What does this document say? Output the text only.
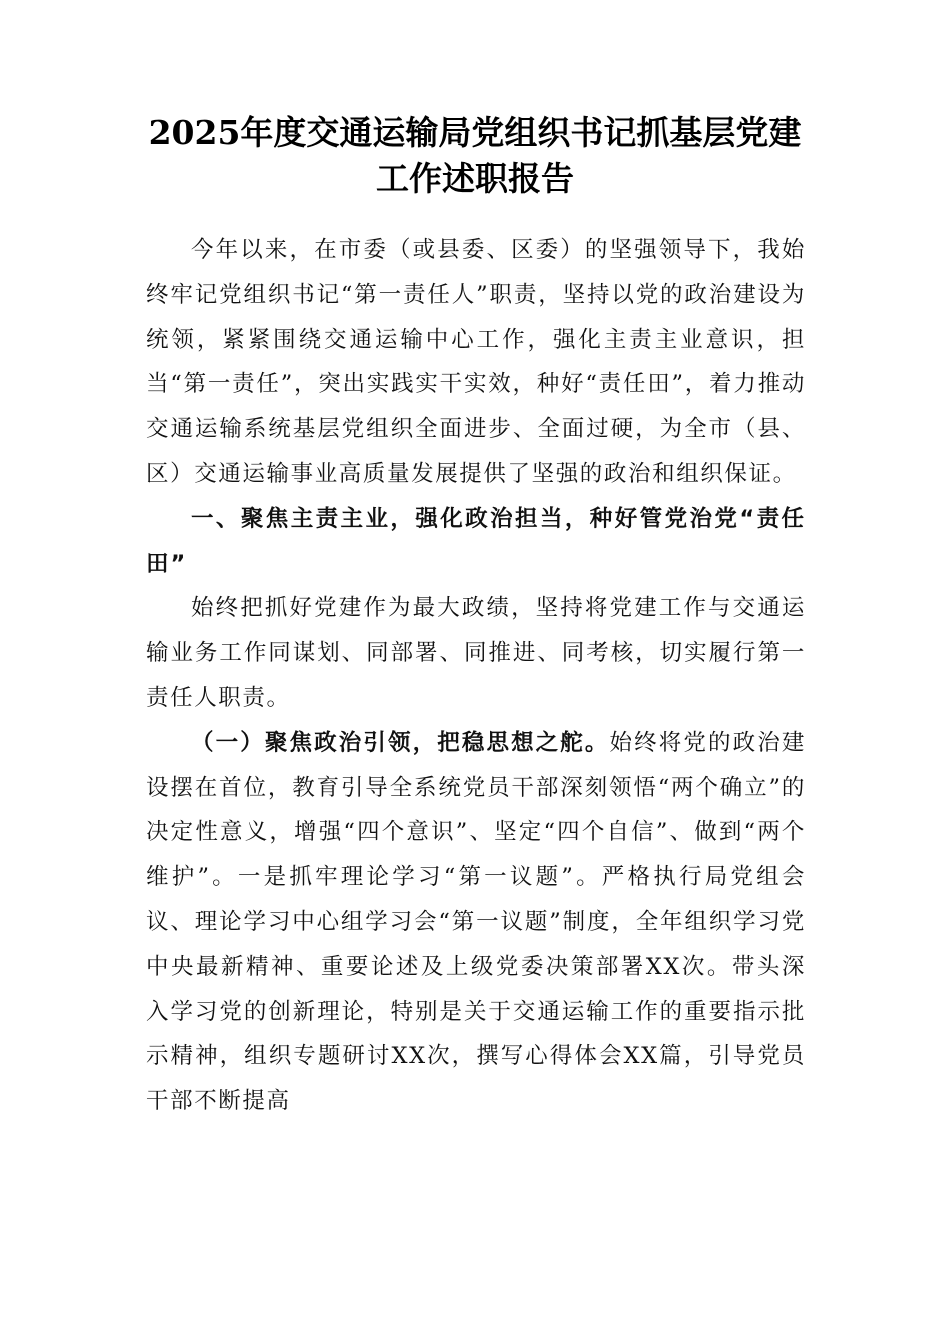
2025年度交通运输局党组织书记抓基层党建工作述职报告

今年以来，在市委（或县委、区委）的坚强领导下，我始终牢记党组织书记“第一责任人”职责，坚持以党的政治建设为统领，紧紧围绕交通运输中心工作，强化主责主业意识，担当“第一责任”，突出实践实干实效，种好“责任田”，着力推动交通运输系统基层党组织全面进步、全面过硬，为全市（县、区）交通运输事业高质量发展提供了坚强的政治和组织保证。

一、聚焦主责主业，强化政治担当，种好管党治党“责任田”

始终把抓好党建作为最大政绩，坚持将党建工作与交通运输业务工作同谋划、同部署、同推进、同考核，切实履行第一责任人职责。

（一）聚焦政治引领，把稳思想之舵。始终将党的政治建设摆在首位，教育引导全系统党员干部深刻领悟“两个确立”的决定性意义，增强“四个意识”、坚定“四个自信”、做到“两个维护”。一是抓牢理论学习“第一议题”。严格执行局党组会议、理论学习中心组学习会“第一议题”制度，全年组织学习党中央最新精神、重要论述及上级党委决策部署XX次。带头深入学习党的创新理论，特别是关于交通运输工作的重要指示批示精神，组织专题研讨XX次，撰写心得体会XX篇，引导党员干部不断提高
